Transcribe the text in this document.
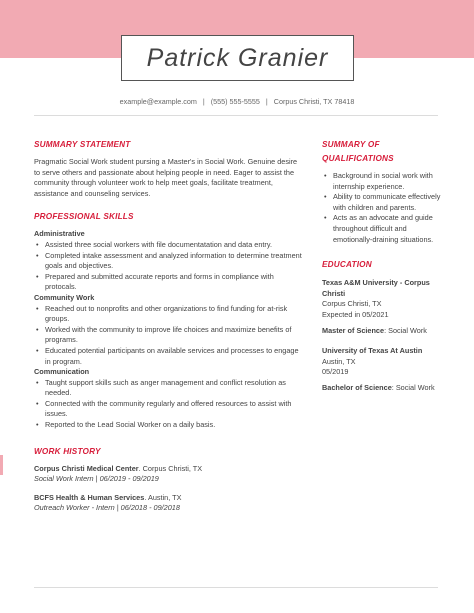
Patrick Granier
example@example.com | (555) 555-5555 | Corpus Christi, TX 78418
SUMMARY STATEMENT
Pragmatic Social Work student pursing a Master's in Social Work. Genuine desire to serve others and passionate about helping people in need. Eager to assist the community through volunteer work to help meet goals, facilitate treatment, assistance and counseling services.
PROFESSIONAL SKILLS
Administrative
• Assisted three social workers with file documentatation and data entry.
• Completed intake assessment and analyzed information to determine treatment goals and objectives.
• Prepared and submitted accurate reports and forms in compliance with protocals.
Community Work
• Reached out to nonprofits and other organizations to find funding for at-risk groups.
• Worked with the community to improve life choices and maximize benefits of programs.
• Educated potential participants on available services and processes to engage in program.
Communication
• Taught support skills such as anger management and conflict resolution as needed.
• Connected with the community regularly and offered resources to assist with issues.
• Reported to the Lead Social Worker on a daily basis.
WORK HISTORY
Corpus Christi Medical Center. Corpus Christi, TX
Social Work Intern | 06/2019 - 09/2019
BCFS Health & Human Services. Austin, TX
Outreach Worker - Intern | 06/2018 - 09/2018
SUMMARY OF
QUALIFICATIONS
• Background in social work with internship experience.
• Ability to communicate effectively with children and parents.
• Acts as an advocate and guide throughout difficult and emotionally-draining situations.
EDUCATION
Texas A&M University - Corpus Christi
Corpus Christi, TX
Expected in 05/2021
Master of Science: Social Work
University of Texas At Austin
Austin, TX
05/2019
Bachelor of Science: Social Work
